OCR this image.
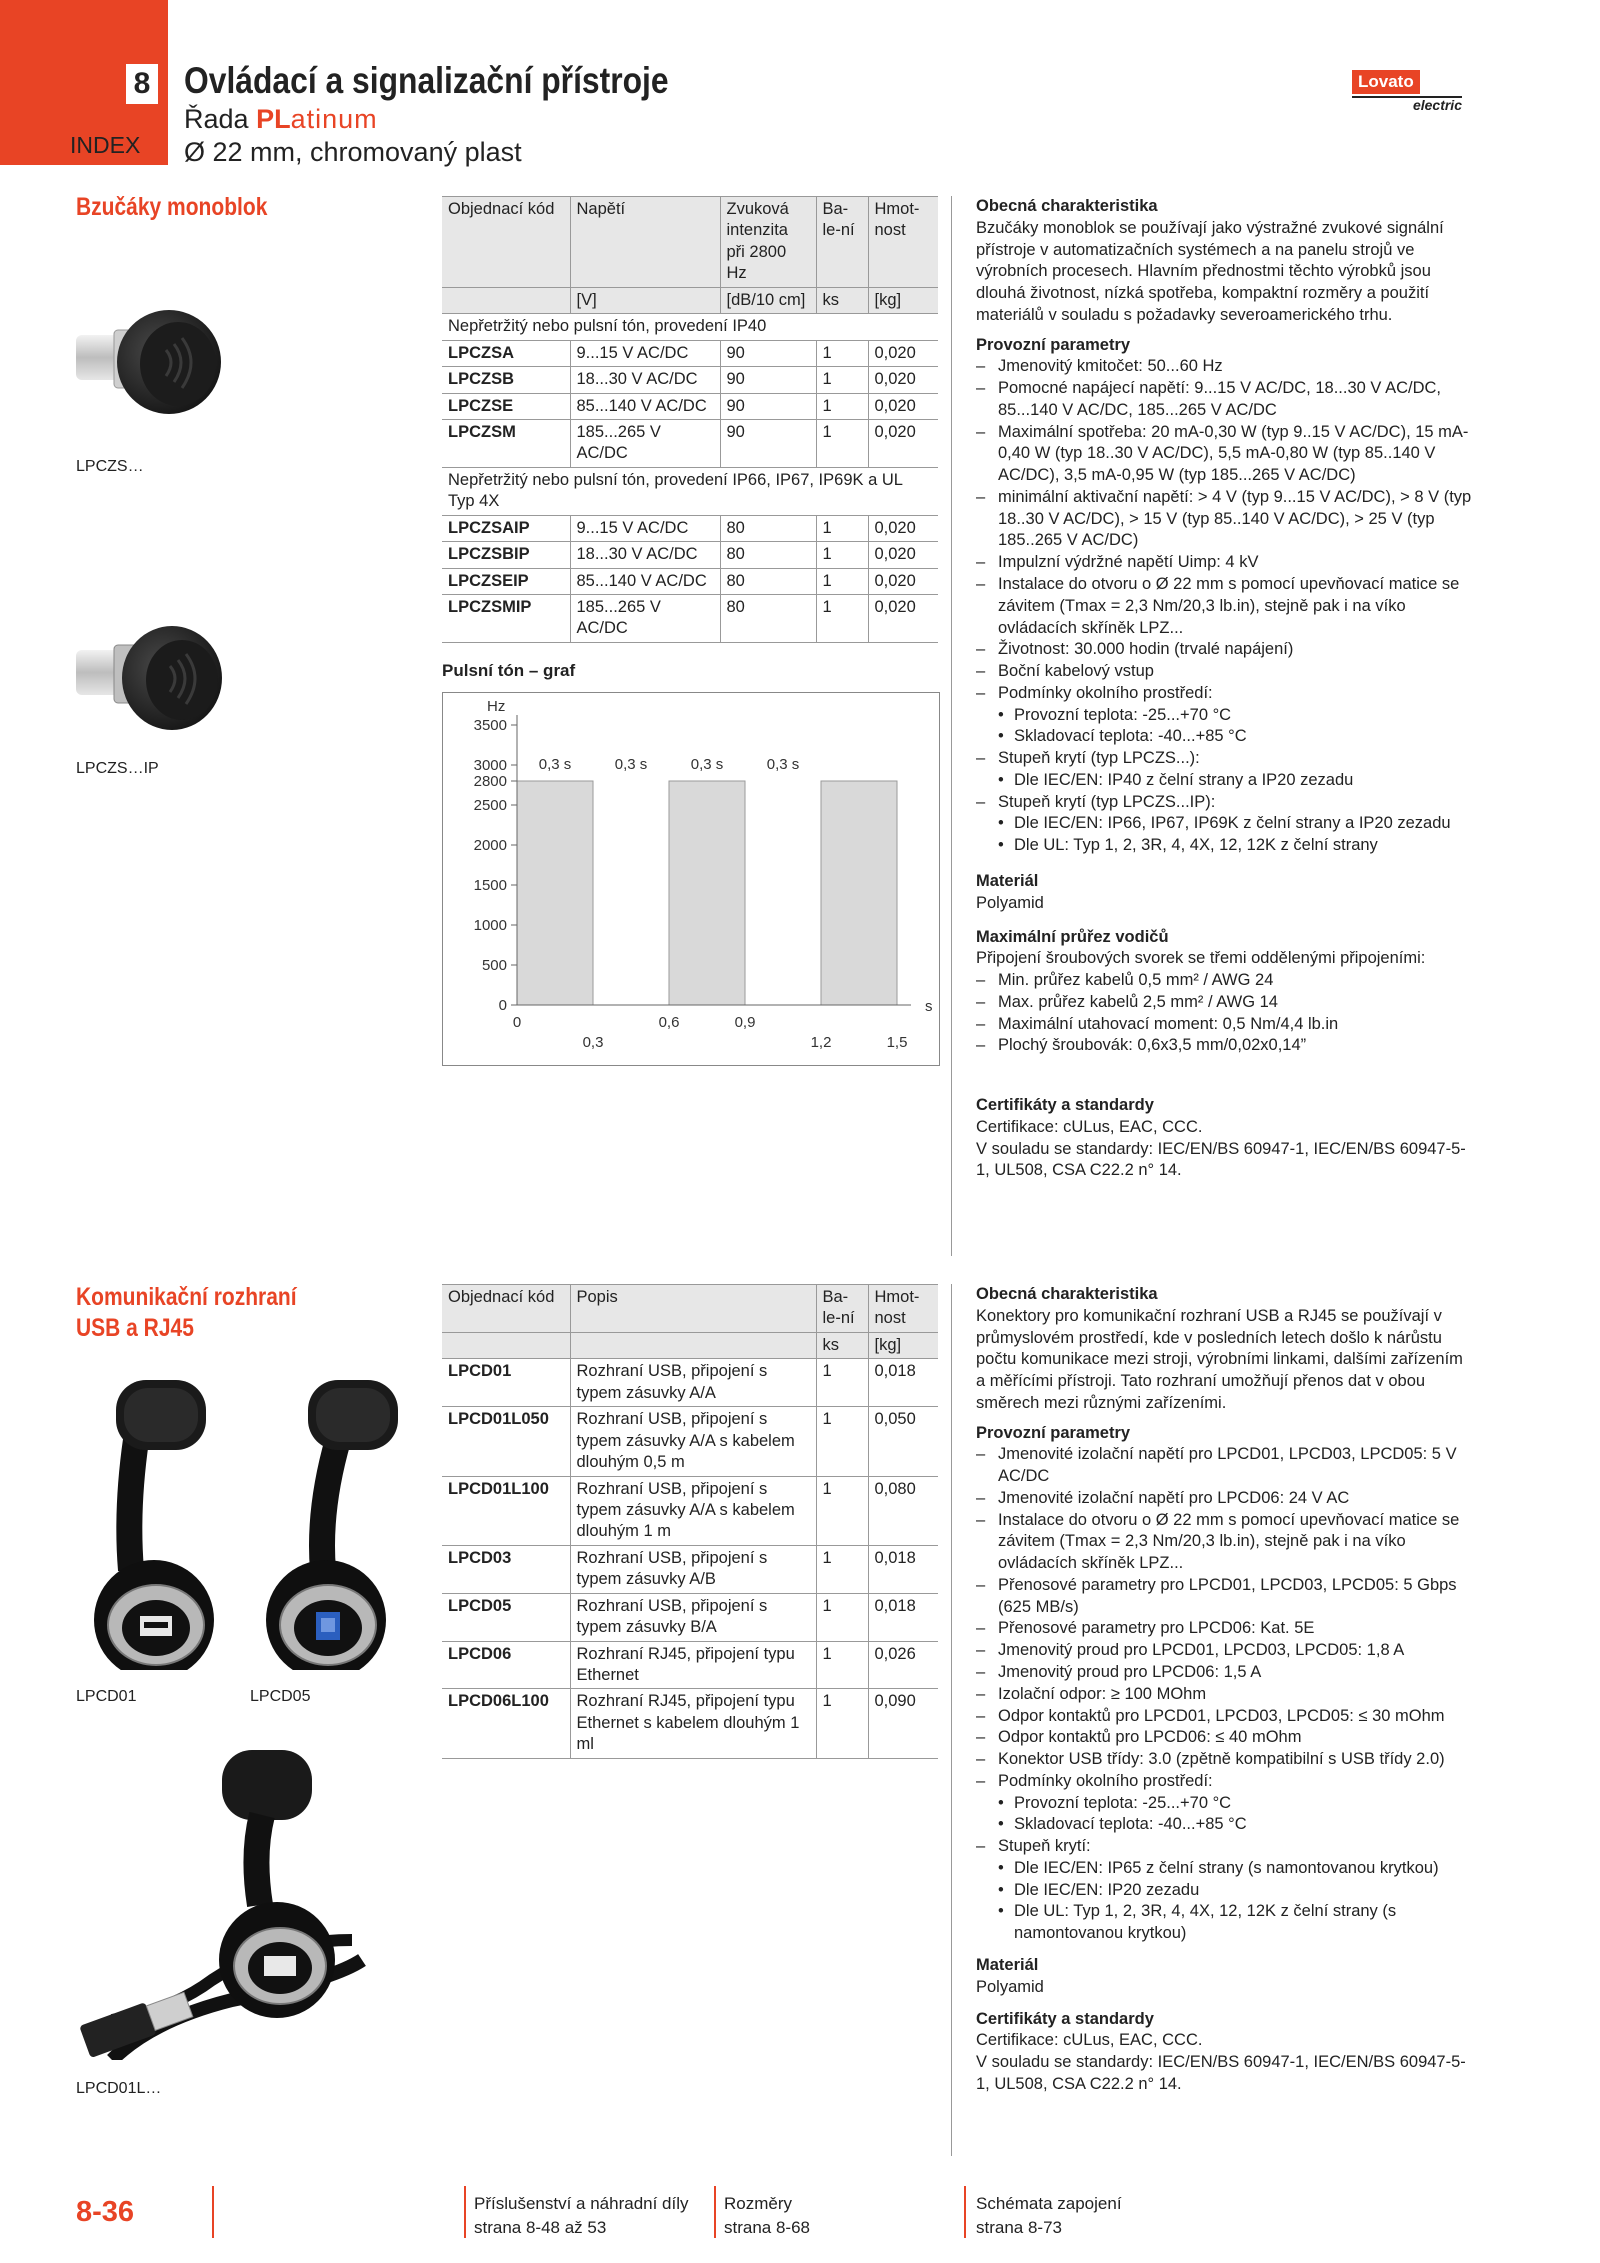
8
INDEX
Ovládací a signalizační přístroje
Řada PLatinum
Ø 22 mm, chromovaný plast
Lovato
electric
Bzučáky monoblok
LPCZS…
LPCZS…IP
Objednací kód	Napětí	Zvuková intenzita při 2800 Hz	Ba-le-ní	Hmot-nost
	[V]	[dB/10 cm]	ks	[kg]
Nepřetržitý nebo pulsní tón, provedení IP40				
LPCZSA	9...15 V AC/DC	90	1	0,020
LPCZSB	18...30 V AC/DC	90	1	0,020
LPCZSE	85...140 V AC/DC	90	1	0,020
LPCZSM	185...265 V AC/DC	90	1	0,020
Nepřetržitý nebo pulsní tón, provedení IP66, IP67, IP69K a UL Typ 4X				
LPCZSAIP	9...15 V AC/DC	80	1	0,020
LPCZSBIP	18...30 V AC/DC	80	1	0,020
LPCZSEIP	85...140 V AC/DC	80	1	0,020
LPCZSMIP	185...265 V AC/DC	80	1	0,020
Pulsní tón – graf
Hz
s
0
500
1000
1500
2000
2500
2800
3000
3500
0	0,6	0,9
0,3	1,2	1,5
0,3 s	0,3 s	0,3 s	0,3 s
Obecná charakteristika

Bzučáky monoblok se používají jako výstražné zvukové signální přístroje v automatizačních systémech a na panelu strojů ve výrobních procesech. Hlavním přednostmi těchto výrobků jsou dlouhá životnost, nízká spotřeba, kompaktní rozměry a použití materiálů v souladu s požadavky severoamerického trhu.

Provozní parametry
– Jmenovitý kmitočet: 50...60 Hz
– Pomocné napájecí napětí: 9...15 V AC/DC, 18...30 V AC/DC, 85...140 V AC/DC, 185...265 V AC/DC
– Maximální spotřeba: 20 mA-0,30 W (typ 9..15 V AC/DC), 15 mA-0,40 W (typ 18..30 V AC/DC), 5,5 mA-0,80 W (typ 85..140 V AC/DC), 3,5 mA-0,95 W (typ 185...265 V AC/DC)
– minimální aktivační napětí: > 4 V (typ 9...15 V AC/DC), > 8 V (typ 18..30 V AC/DC), > 15 V (typ 85..140 V AC/DC), > 25 V (typ 185..265 V AC/DC)
– Impulzní výdržné napětí Uimp: 4 kV
– Instalace do otvoru o Ø 22 mm s pomocí upevňovací matice se závitem (Tmax = 2,3 Nm/20,3 lb.in), stejně pak i na víko ovládacích skříněk LPZ...
– Životnost: 30.000 hodin (trvalé napájení)
– Boční kabelový vstup
– Podmínky okolního prostředí:
• Provozní teplota: -25...+70 °C
• Skladovací teplota: -40...+85 °C
– Stupeň krytí (typ LPCZS...):
• Dle IEC/EN: IP40 z čelní strany a IP20 zezadu
– Stupeň krytí (typ LPCZS...IP):
• Dle IEC/EN: IP66, IP67, IP69K z čelní strany a IP20 zezadu
• Dle UL: Typ 1, 2, 3R, 4, 4X, 12, 12K z čelní strany
Materiál

Polyamid

Maximální průřez vodičů

Připojení šroubových svorek se třemi oddělenými připojeními:

– Min. průřez kabelů 0,5 mm² / AWG 24
– Max. průřez kabelů 2,5 mm² / AWG 14
– Maximální utahovací moment: 0,5 Nm/4,4 lb.in
– Plochý šroubovák: 0,6x3,5 mm/0,02x0,14”
Certifikáty a standardy

Certifikace: cULus, EAC, CCC.

V souladu se standardy: IEC/EN/BS 60947-1, IEC/EN/BS 60947-5-1, UL508, CSA C22.2 n° 14.

Komunikační rozhraní
USB a RJ45
LPCD01	LPCD05
LPCD01L…
Objednací kód	Popis	Ba-le-ní	Hmot-nost
		ks	[kg]
LPCD01	Rozhraní USB, připojení s typem zásuvky A/A	1	0,018
LPCD01L050	Rozhraní USB, připojení s typem zásuvky A/A s kabelem dlouhým 0,5 m	1	0,050
LPCD01L100	Rozhraní USB, připojení s typem zásuvky A/A s kabelem dlouhým 1 m	1	0,080
LPCD03	Rozhraní USB, připojení s typem zásuvky A/B	1	0,018
LPCD05	Rozhraní USB, připojení s typem zásuvky B/A	1	0,018
LPCD06	Rozhraní RJ45, připojení typu Ethernet	1	0,026
LPCD06L100	Rozhraní RJ45, připojení typu Ethernet s kabelem dlouhým 1 ml	1	0,090
Obecná charakteristika

Konektory pro komunikační rozhraní USB a RJ45 se používají v průmyslovém prostředí, kde v posledních letech došlo k nárůstu počtu komunikace mezi stroji, výrobními linkami, dalšími zařízením a měřícími přístroji. Tato rozhraní umožňují přenos dat v obou směrech mezi různými zařízeními.

Provozní parametry
– Jmenovité izolační napětí pro LPCD01, LPCD03, LPCD05: 5 V AC/DC
– Jmenovité izolační napětí pro LPCD06: 24 V AC
– Instalace do otvoru o Ø 22 mm s pomocí upevňovací matice se závitem (Tmax = 2,3 Nm/20,3 lb.in), stejně pak i na víko ovládacích skříněk LPZ...
– Přenosové parametry pro LPCD01, LPCD03, LPCD05: 5 Gbps (625 MB/s)
– Přenosové parametry pro LPCD06: Kat. 5E
– Jmenovitý proud pro LPCD01, LPCD03, LPCD05: 1,8 A
– Jmenovitý proud pro LPCD06: 1,5 A
– Izolační odpor: ≥ 100 MOhm
– Odpor kontaktů pro LPCD01, LPCD03, LPCD05: ≤ 30 mOhm
– Odpor kontaktů pro LPCD06: ≤ 40 mOhm
– Konektor USB třídy: 3.0 (zpětně kompatibilní s USB třídy 2.0)
– Podmínky okolního prostředí:
• Provozní teplota: -25...+70 °C
• Skladovací teplota: -40...+85 °C
– Stupeň krytí:
• Dle IEC/EN: IP65 z čelní strany (s namontovanou krytkou)
• Dle IEC/EN: IP20 zezadu
• Dle UL: Typ 1, 2, 3R, 4, 4X, 12, 12K z čelní strany (s namontovanou krytkou)
Materiál

Polyamid

Certifikáty a standardy

Certifikace: cULus, EAC, CCC.

V souladu se standardy: IEC/EN/BS 60947-1, IEC/EN/BS 60947-5-1, UL508, CSA C22.2 n° 14.

8-36	Příslušenství a náhradní díly
strana 8-48 až 53
Rozměry
strana 8-68
Schémata zapojení
strana 8-73
